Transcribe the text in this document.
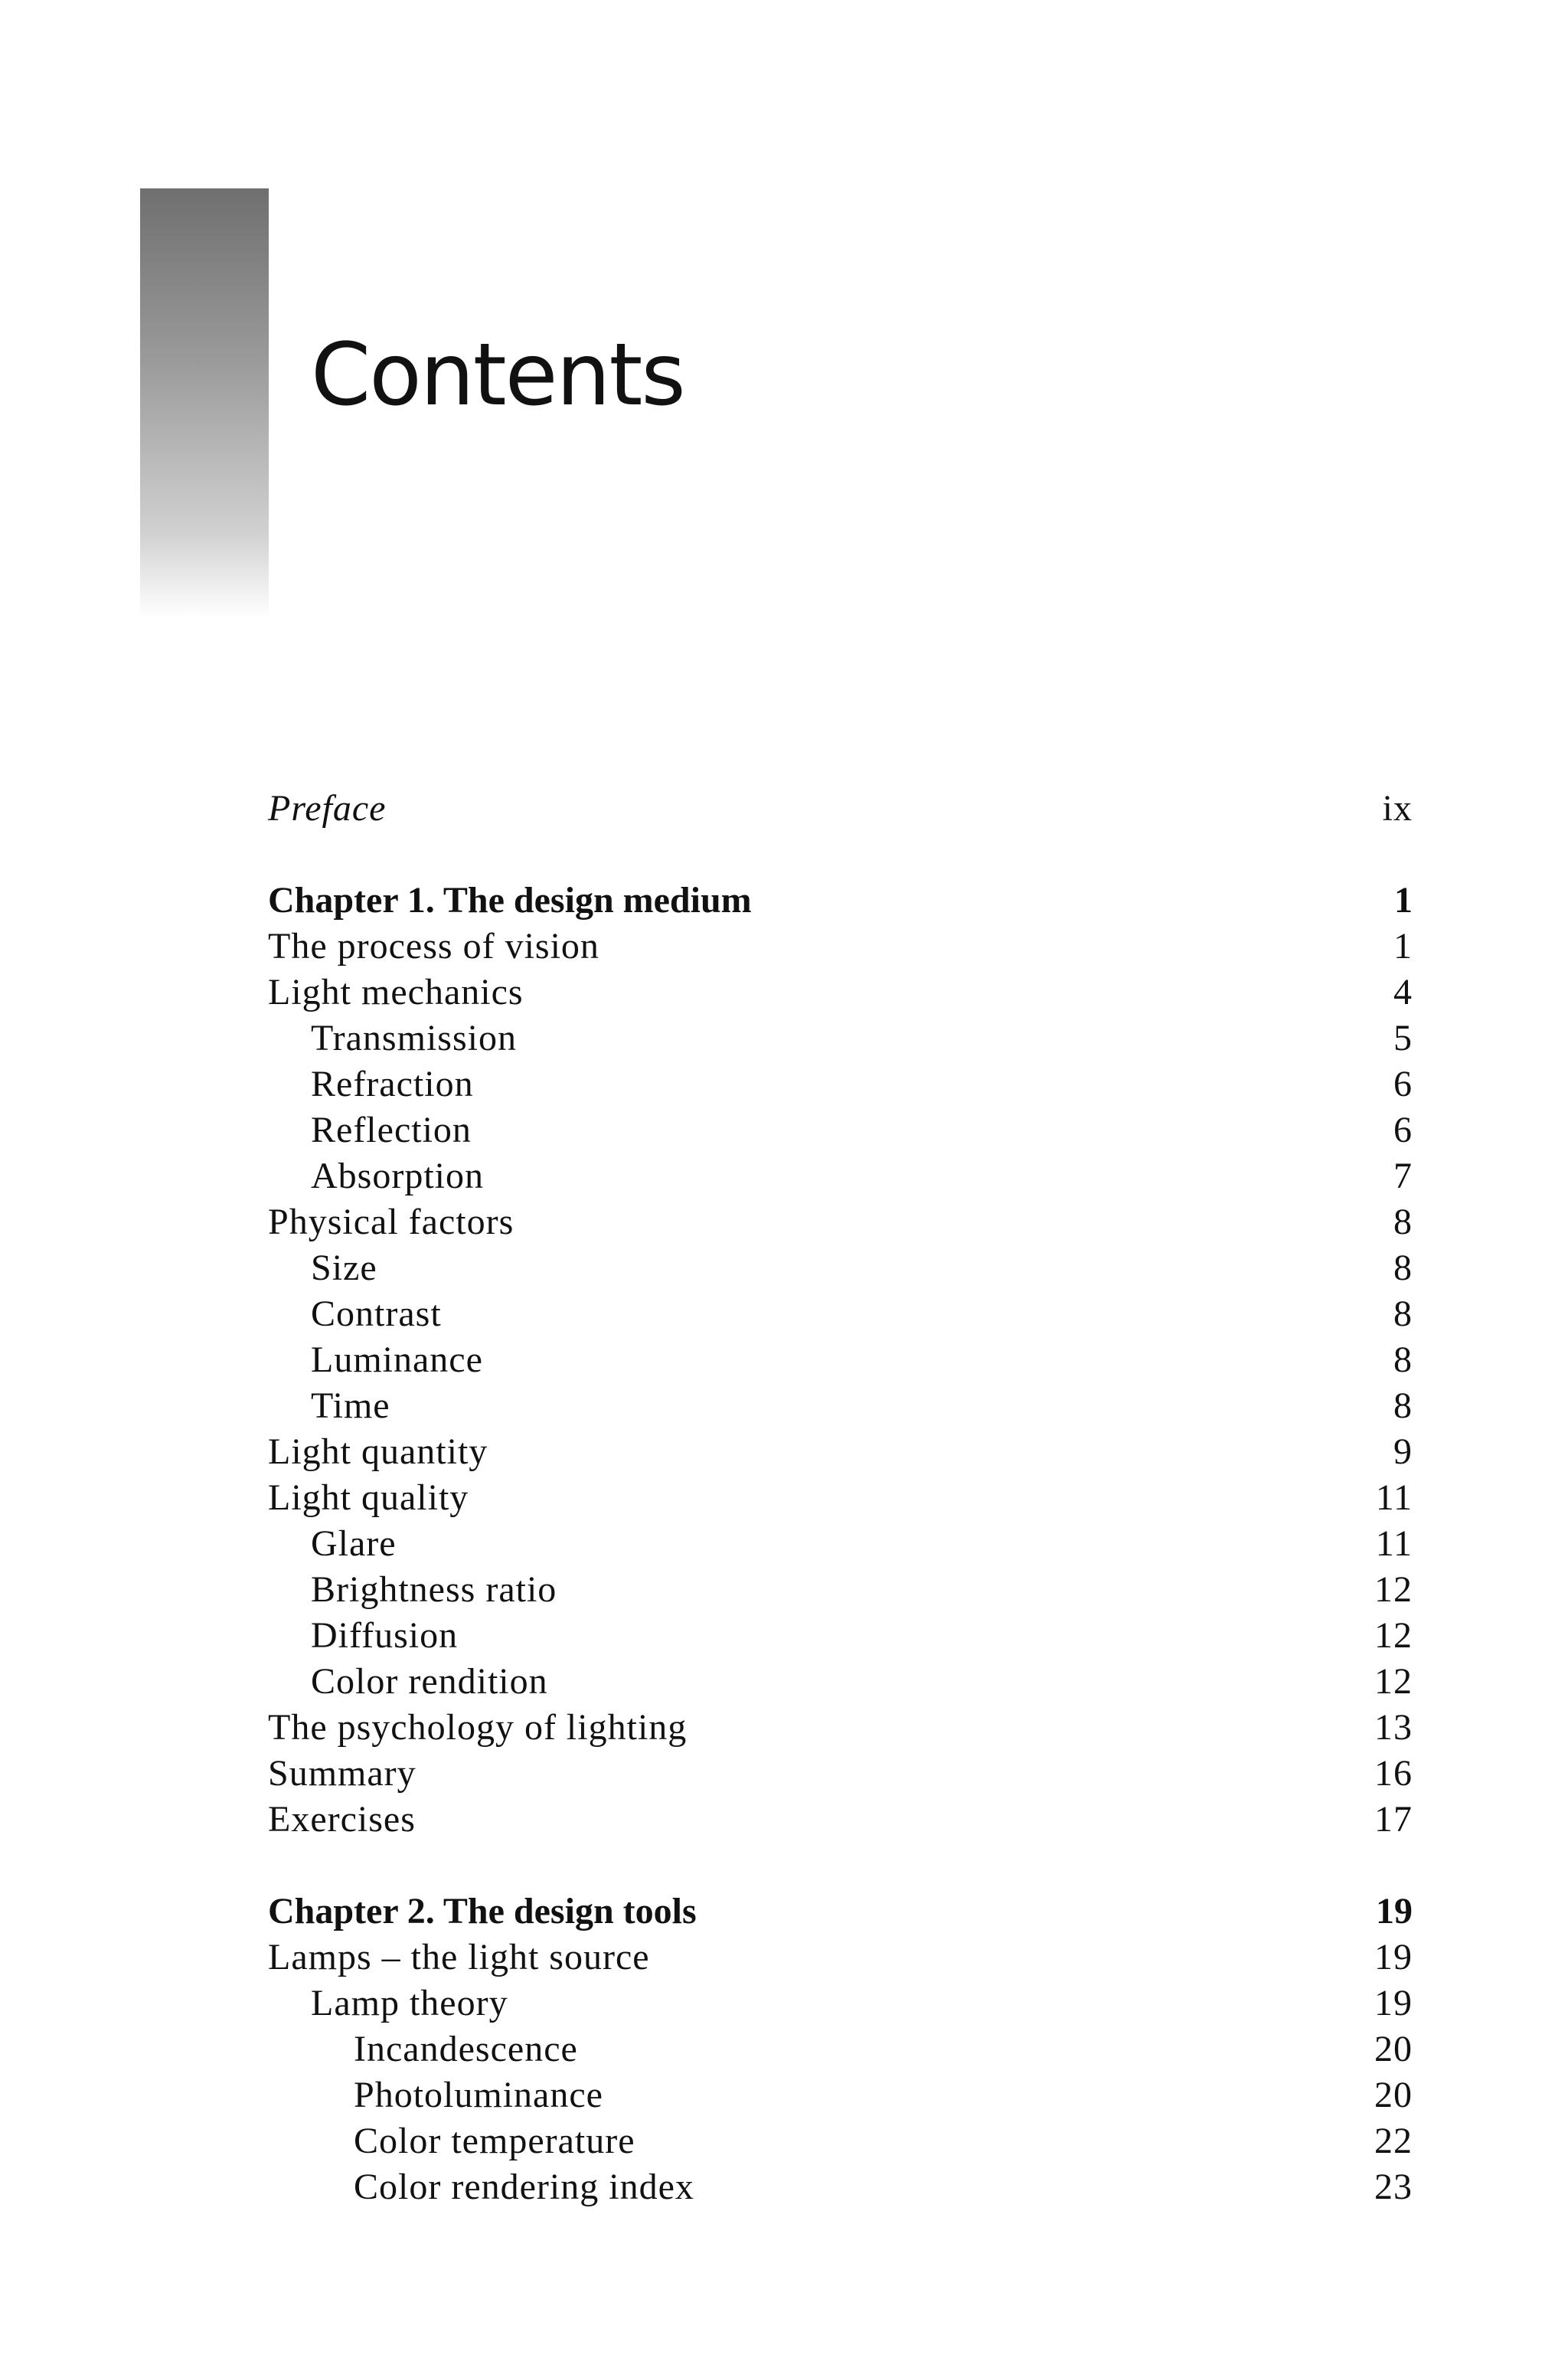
Contents
Preface	ix
Chapter 1. The design medium	1
The process of vision	1
Light mechanics	4
Transmission	5
Refraction	6
Reflection	6
Absorption	7
Physical factors	8
Size	8
Contrast	8
Luminance	8
Time	8
Light quantity	9
Light quality	11
Glare	11
Brightness ratio	12
Diffusion	12
Color rendition	12
The psychology of lighting	13
Summary	16
Exercises	17
Chapter 2. The design tools	19
Lamps – the light source	19
Lamp theory	19
Incandescence	20
Photoluminance	20
Color temperature	22
Color rendering index	23
